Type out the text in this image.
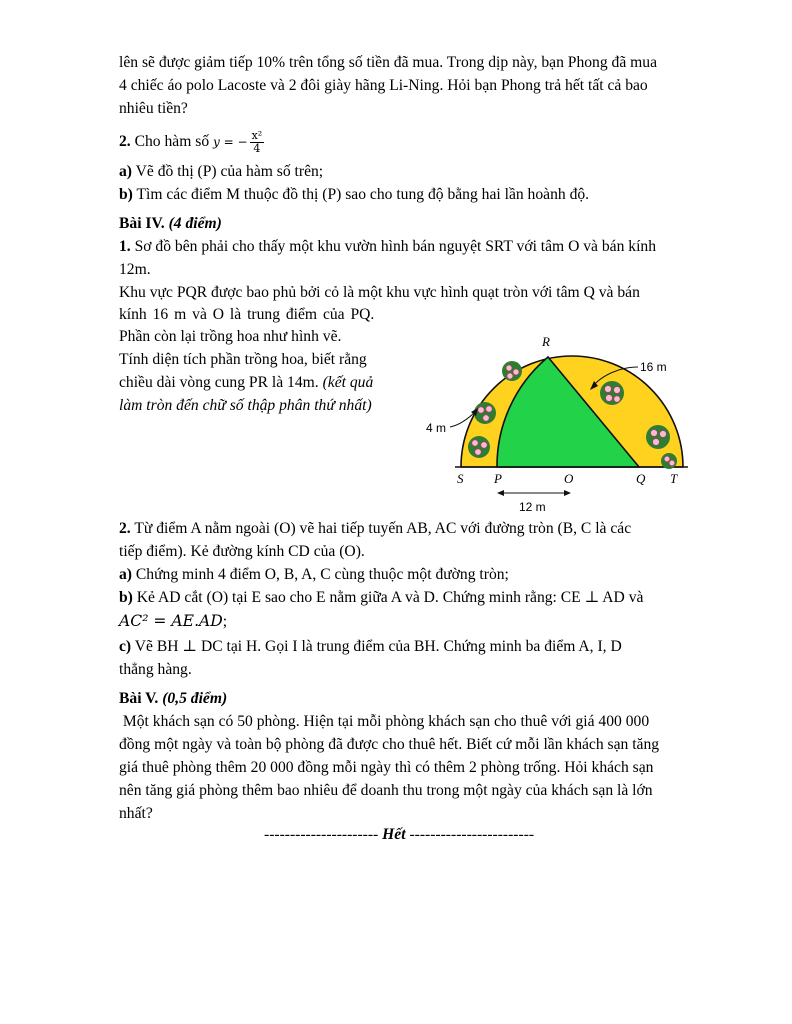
lên sẽ được giảm tiếp 10% trên tổng số tiền đã mua. Trong dịp này, bạn Phong đã mua
4 chiếc áo polo Lacoste và 2 đôi giày hãng Li-Ning. Hỏi bạn Phong trả hết tất cả bao
nhiêu tiền?
2. Cho hàm số y = − $\frac{\text{x²}}{4}$
a) Vẽ đồ thị (P) của hàm số trên;
b) Tìm các điểm M thuộc đồ thị (P) sao cho tung độ bằng hai lần hoành độ.
Bài IV. (4 điểm)
1. Sơ đồ bên phải cho thấy một khu vườn hình bán nguyệt SRT với tâm O và bán kính
12m.
Khu vực PQR được bao phủ bởi cỏ là một khu vực hình quạt tròn với tâm Q và bán
kính 16 m và O là trung điểm của PQ.
Phần còn lại trồng hoa như hình vẽ.
Tính diện tích phần trồng hoa, biết rằng
chiều dài vòng cung PR là 14m. (kết quả
làm tròn đến chữ số thập phân thứ nhất)
16 m
4 m
R
S P	O	Q T
12 m
2. Từ điểm A nằm ngoài (O) vẽ hai tiếp tuyến AB, AC với đường tròn (B, C là các
tiếp điểm). Kẻ đường kính CD của (O).
a) Chứng minh 4 điểm O, B, A, C cùng thuộc một đường tròn;
b) Kẻ AD cắt (O) tại E sao cho E nằm giữa A và D. Chứng minh rằng: CE ⊥ AD và
AC² = AE.AD;
c) Vẽ BH ⊥ DC tại H. Gọi I là trung điểm của BH. Chứng minh ba điểm A, I, D
thẳng hàng.
Bài V. (0,5 điểm)
Một khách sạn có 50 phòng. Hiện tại mỗi phòng khách sạn cho thuê với giá 400 000
đồng một ngày và toàn bộ phòng đã được cho thuê hết. Biết cứ mỗi lần khách sạn tăng
giá thuê phòng thêm 20 000 đồng mỗi ngày thì có thêm 2 phòng trống. Hỏi khách sạn
nên tăng giá phòng thêm bao nhiêu để doanh thu trong một ngày của khách sạn là lớn
nhất?
---------------------- Hết ------------------------
